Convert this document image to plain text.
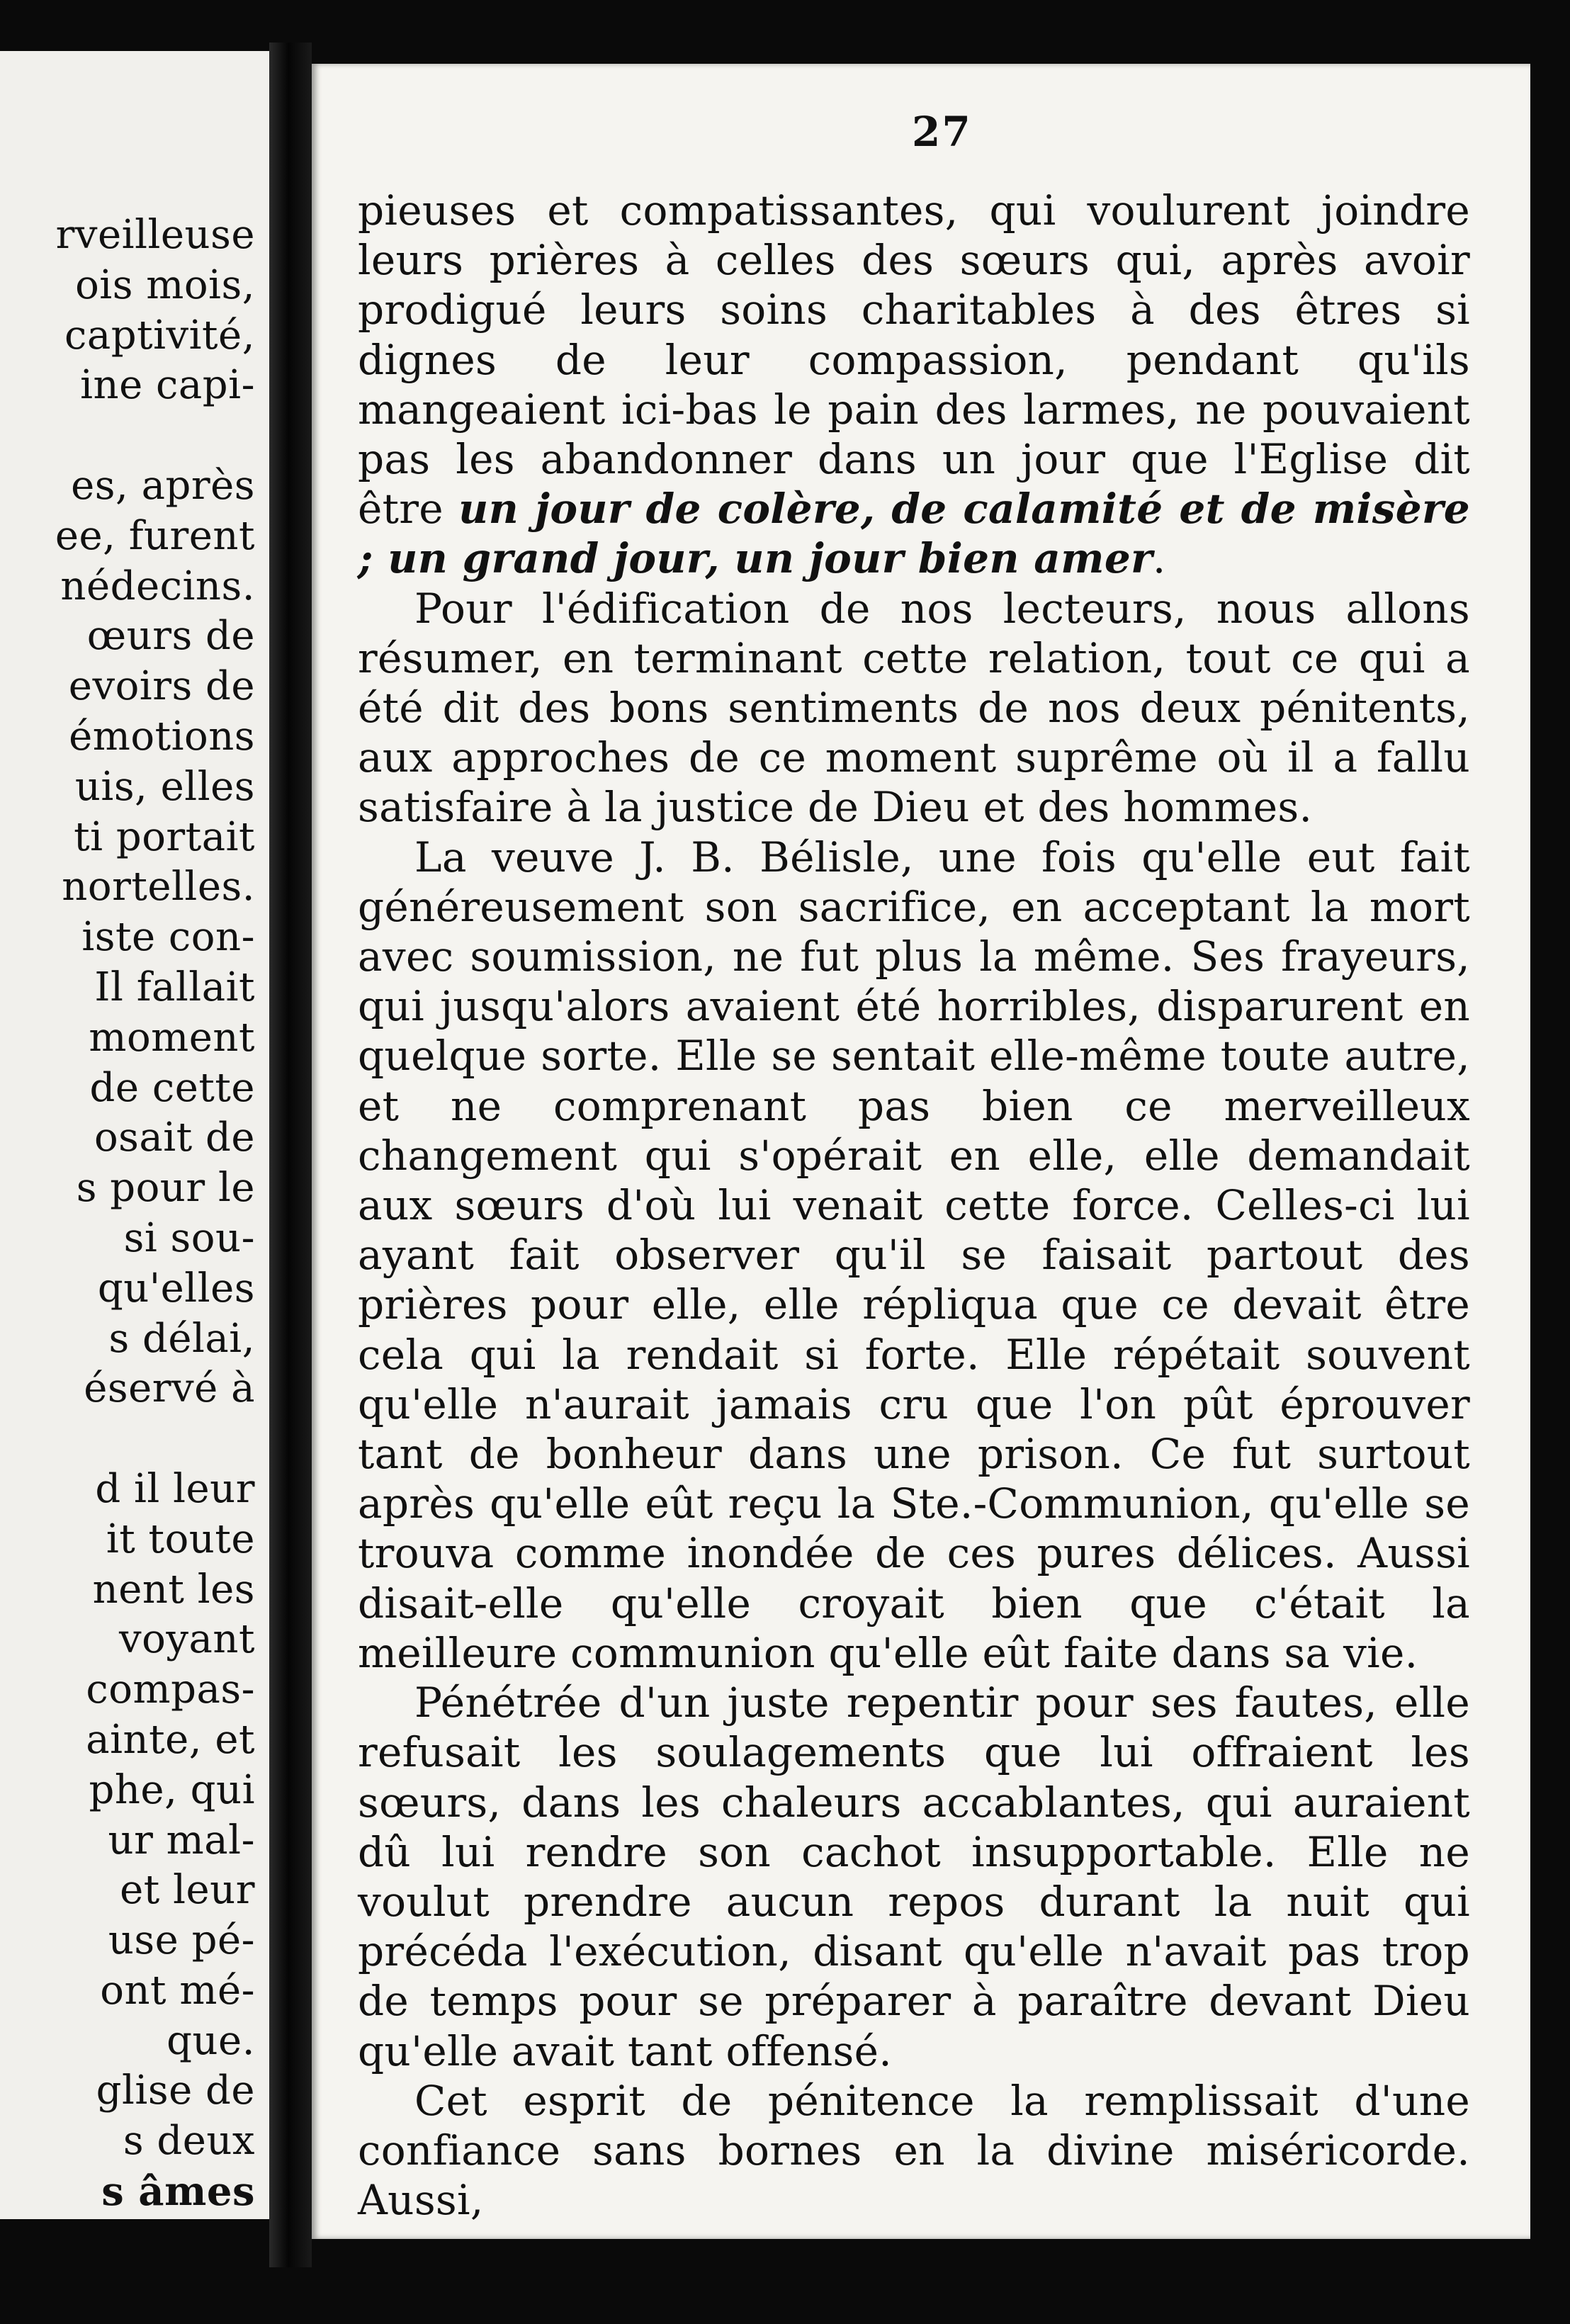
rveilleuse
ois mois,
captivité,
ine capi-
es, après
ee, furent
nédecins.
œurs de
evoirs de
émotions
uis, elles
ti portait
nortelles.
iste con-
Il fallait
moment
de cette
osait de
s pour le
si sou-
qu'elles
s délai,
éservé à
d il leur
it toute
nent les
voyant
compas-
ainte, et
phe, qui
ur mal-
et leur
use pé-
ont mé-
que.
glise de
s deux
s âmes
27

pieuses et compatissantes, qui voulurent joindre leurs prières à celles des sœurs qui, après avoir prodigué leurs soins charitables à des êtres si dignes de leur compassion, pendant qu'ils mangeaient ici-bas le pain des larmes, ne pouvaient pas les abandonner dans un jour que l'Eglise dit être un jour de colère, de calamité et de misère ; un grand jour, un jour bien amer.

Pour l'édification de nos lecteurs, nous allons résumer, en terminant cette relation, tout ce qui a été dit des bons sentiments de nos deux pénitents, aux approches de ce moment suprême où il a fallu satisfaire à la justice de Dieu et des hommes.

La veuve J. B. Bélisle, une fois qu'elle eut fait généreusement son sacrifice, en acceptant la mort avec soumission, ne fut plus la même. Ses frayeurs, qui jusqu'alors avaient été horribles, disparurent en quelque sorte. Elle se sentait elle-même toute autre, et ne comprenant pas bien ce merveilleux changement qui s'opérait en elle, elle demandait aux sœurs d'où lui venait cette force. Celles-ci lui ayant fait observer qu'il se faisait partout des prières pour elle, elle répliqua que ce devait être cela qui la rendait si forte. Elle répétait souvent qu'elle n'aurait jamais cru que l'on pût éprouver tant de bonheur dans une prison. Ce fut surtout après qu'elle eût reçu la Ste.-Communion, qu'elle se trouva comme inondée de ces pures délices. Aussi disait-elle qu'elle croyait bien que c'était la meilleure communion qu'elle eût faite dans sa vie.

Pénétrée d'un juste repentir pour ses fautes, elle refusait les soulagements que lui offraient les sœurs, dans les chaleurs accablantes, qui auraient dû lui rendre son cachot insupportable. Elle ne voulut prendre aucun repos durant la nuit qui précéda l'exécution, disant qu'elle n'avait pas trop de temps pour se préparer à paraître devant Dieu qu'elle avait tant offensé.

Cet esprit de pénitence la remplissait d'une confiance sans bornes en la divine miséricorde. Aussi,
